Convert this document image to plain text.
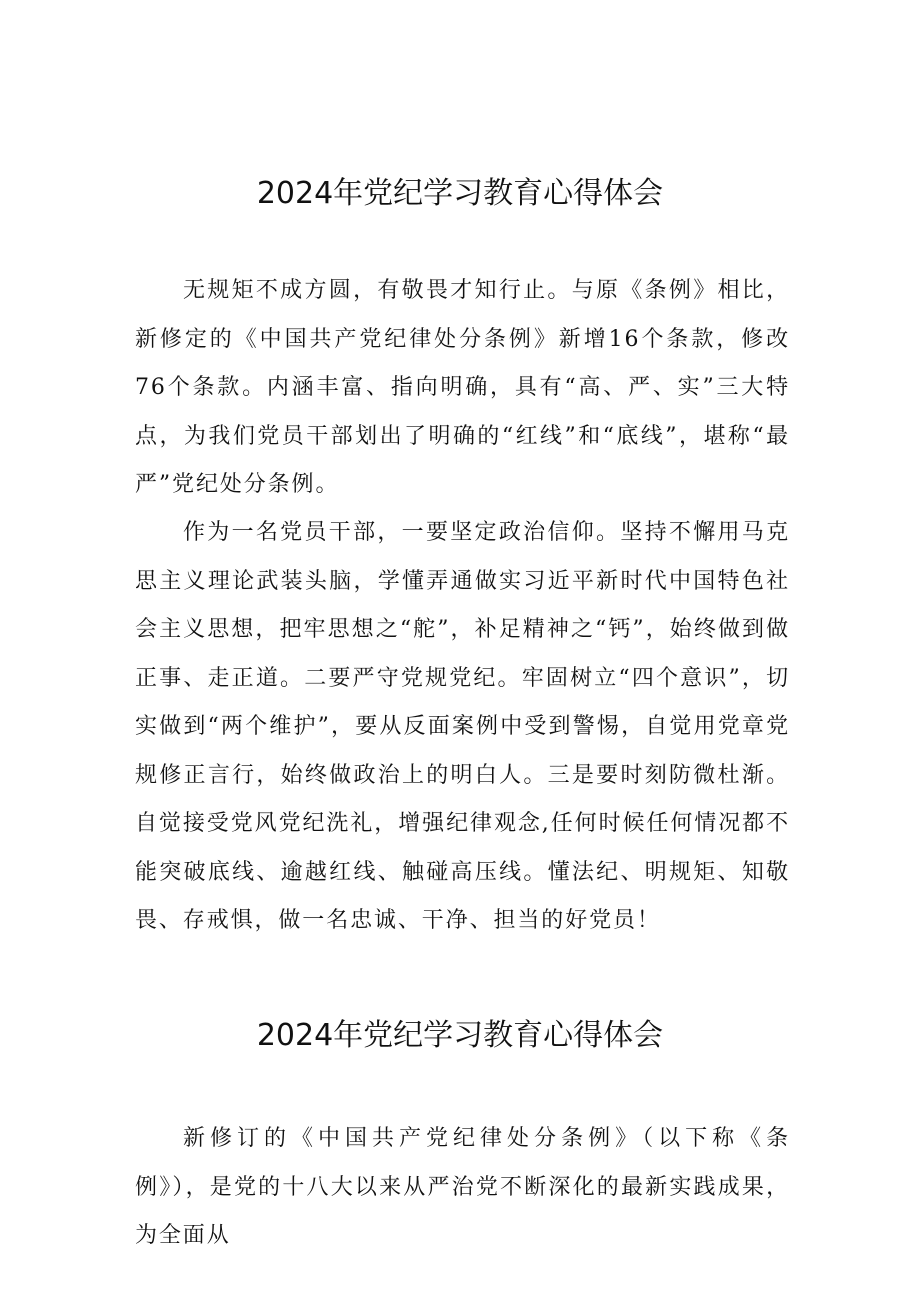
2024年党纪学习教育心得体会

无规矩不成方圆，有敬畏才知行止。与原《条例》相比，新修定的《中国共产党纪律处分条例》新增16个条款，修改76个条款。内涵丰富、指向明确，具有“高、严、实”三大特点，为我们党员干部划出了明确的“红线”和“底线”，堪称“最严”党纪处分条例。

作为一名党员干部，一要坚定政治信仰。坚持不懈用马克思主义理论武装头脑，学懂弄通做实习近平新时代中国特色社会主义思想，把牢思想之“舵”，补足精神之“钙”，始终做到做正事、走正道。二要严守党规党纪。牢固树立“四个意识”，切实做到“两个维护”，要从反面案例中受到警惕，自觉用党章党规修正言行，始终做政治上的明白人。三是要时刻防微杜渐。自觉接受党风党纪洗礼，增强纪律观念,任何时候任何情况都不能突破底线、逾越红线、触碰高压线。懂法纪、明规矩、知敬畏、存戒惧，做一名忠诚、干净、担当的好党员！

2024年党纪学习教育心得体会

新修订的《中国共产党纪律处分条例》（以下称《条例》），是党的十八大以来从严治党不断深化的最新实践成果，为全面从
